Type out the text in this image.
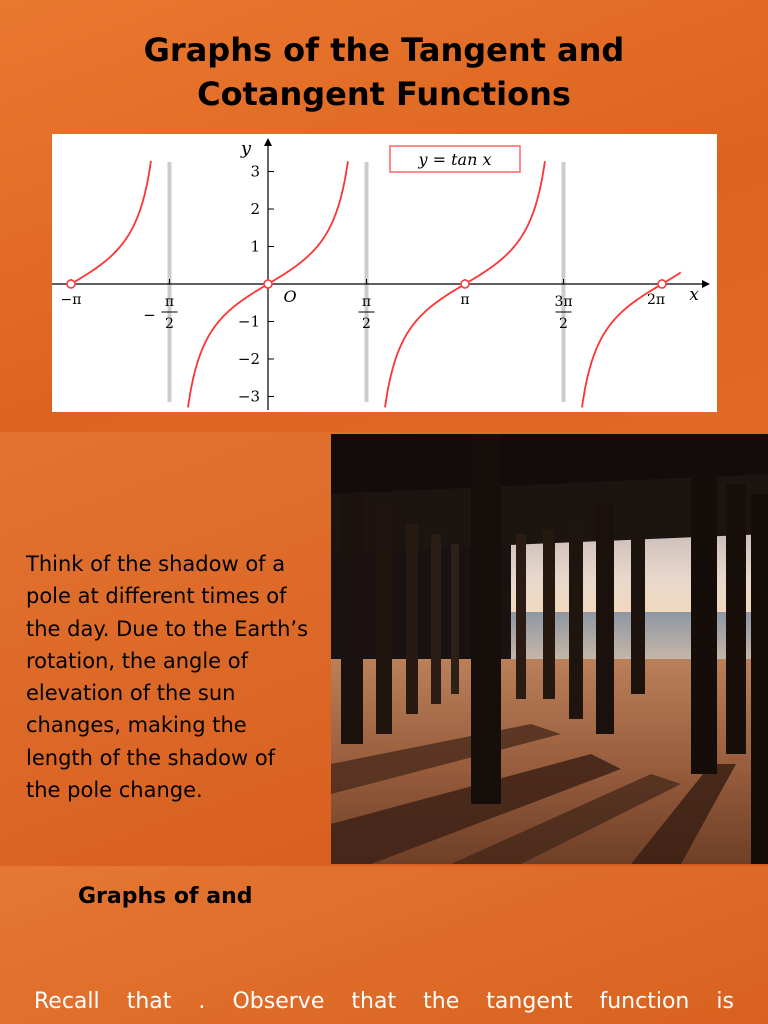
Graphs of the Tangent and
Cotangent Functions
3
2
1
−1
−2
−3
−π
−
π
2
π
2
π	3π
2
2π
y
x
O
y = tan x
Think of the shadow of a pole at different times of the day. Due to the Earth’s rotation, the angle of elevation of the sun changes, making the length of the shadow of the pole change.
Graphs of and
Recall that . Observe that the tangent function is
